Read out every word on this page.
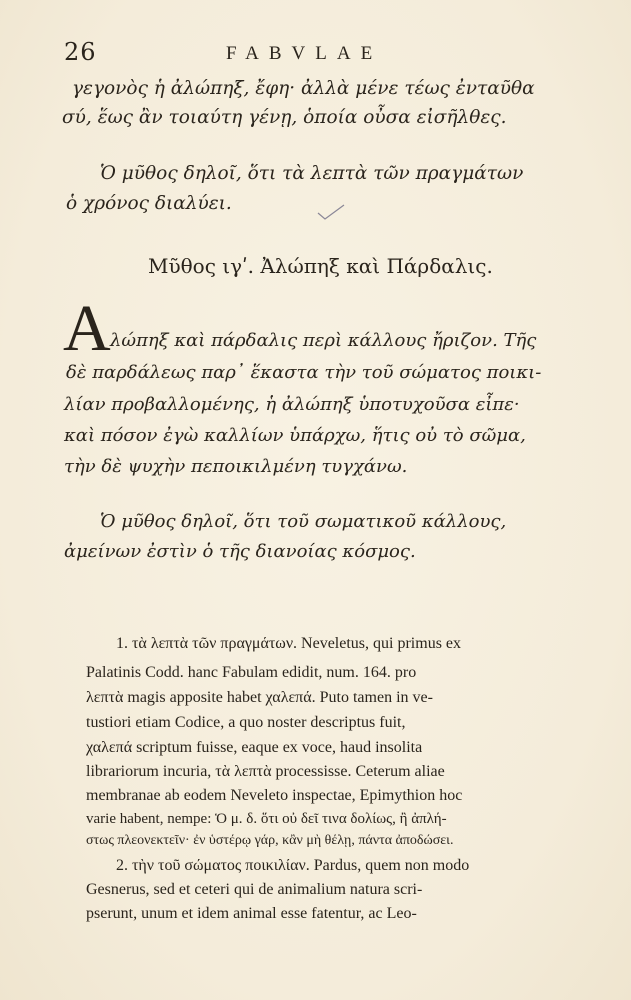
26	FABVLAE
γεγονὸς ἡ ἀλώπηξ, ἔφη· ἀλλὰ μένε τέως ἐνταῦθα
σύ, ἕως ἂν τοιαύτη γένῃ, ὁποία οὖσα εἰσῆλθες.
Ὁ μῦθος δηλοῖ, ὅτι τὰ λεπτὰ τῶν πραγμάτων
ὁ χρόνος διαλύει.
Μῦθος ιγʹ. Ἀλώπηξ καὶ Πάρδαλις.
A λώπηξ καὶ πάρδαλις περὶ κάλλους ἤριζον. Τῆς
δὲ παρδάλεως παρ᾽ ἕκαστα τὴν τοῦ σώματος ποικι-
λίαν προβαλλομένης, ἡ ἀλώπηξ ὑποτυχοῦσα εἶπε·
καὶ πόσον ἐγὼ καλλίων ὑπάρχω, ἥτις οὐ τὸ σῶμα,
τὴν δὲ ψυχὴν πεποικιλμένη τυγχάνω.
Ὁ μῦθος δηλοῖ, ὅτι τοῦ σωματικοῦ κάλλους,
ἀμείνων ἐστὶν ὁ τῆς διανοίας κόσμος.
1. τὰ λεπτὰ τῶν πραγμάτων. Neveletus, qui primus ex
Palatinis Codd. hanc Fabulam edidit, num. 164. pro
λεπτὰ magis apposite habet χαλεπά. Puto tamen in ve-
tustiori etiam Codice, a quo noster descriptus fuit,
χαλεπά scriptum fuisse, eaque ex voce, haud insolita
librariorum incuria, τὰ λεπτὰ processisse. Ceterum aliae
membranae ab eodem Neveleto inspectae, Epimythion hoc
varie habent, nempe: Ὁ μ. δ. ὅτι οὐ δεῖ τινα δολίως, ἢ ἀπλή-
στως πλεονεκτεῖν· ἐν ὑστέρῳ γάρ, κἂν μὴ θέλῃ, πάντα ἀποδώσει.
2. τὴν τοῦ σώματος ποικιλίαν. Pardus, quem non modo
Gesnerus, sed et ceteri qui de animalium natura scri-
pserunt, unum et idem animal esse fatentur, ac Leo-
